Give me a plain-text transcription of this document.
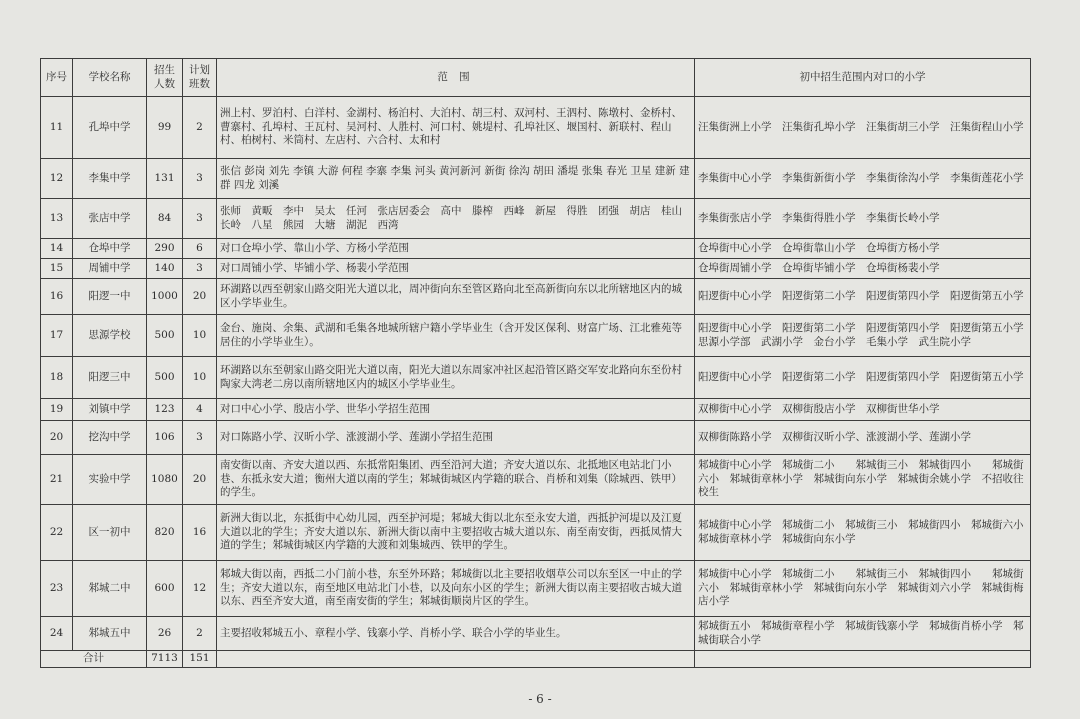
序号	学校名称	招生人数	计划班数	范 围	初中招生范围内对口的小学
11	孔埠中学	99	2	洲上村、罗泊村、白洋村、金湖村、杨泊村、大泊村、胡三村、双河村、王泗村、陈墩村、金桥村、曹寨村、孔埠村、王瓦村、吴河村、人胜村、河口村、姚堤村、孔埠社区、堰国村、新联村、程山村、柏树村、米筒村、左店村、六合村、太和村	汪集街洲上小学　汪集街孔埠小学　汪集街胡三小学　汪集街程山小学
12	李集中学	131	3	张信 彭岗 刘先 李镇 大游 何程 李寨 李集 河头 黄河新河 新街 徐沟 胡田 潘堤 张集 春光 卫星 建新 建群 四龙 刘溪	李集街中心小学　李集街新街小学　李集街徐沟小学　李集街莲花小学
13	张店中学	84	3	张师　黄畈　李中　吴太　任河　张店居委会　高中　滕榨　西峰　新屋　得胜　团强　胡店　桂山　长岭　八星　熊园　大塘　湖泥　西湾	李集街张店小学　李集街得胜小学　李集街长岭小学
14	仓埠中学	290	6	对口仓埠小学、靠山小学、方杨小学范围	仓埠街中心小学　仓埠街靠山小学　仓埠街方杨小学
15	周铺中学	140	3	对口周铺小学、毕铺小学、杨裴小学范围	仓埠街周铺小学　仓埠街毕铺小学　仓埠街杨裴小学
16	阳逻一中	1000	20	环湖路以西至朝家山路交阳光大道以北，周冲街向东至管区路向北至高新街向东以北所辖地区内的城区小学毕业生。	阳逻街中心小学　阳逻街第二小学　阳逻街第四小学　阳逻街第五小学
17	思源学校	500	10	金台、施岗、余集、武湖和毛集各地城所辖户籍小学毕业生（含开发区保利、财富广场、江北雅苑等居住的小学毕业生）。	阳逻街中心小学　阳逻街第二小学　阳逻街第四小学　阳逻街第五小学　思源小学部　武湖小学　金台小学　毛集小学　武生院小学
18	阳逻三中	500	10	环湖路以东至朝家山路交阳光大道以南，阳光大道以东周家冲社区起沿管区路交军安北路向东至份村陶家大湾老二房以南所辖地区内的城区小学毕业生。	阳逻街中心小学　阳逻街第二小学　阳逻街第四小学　阳逻街第五小学
19	刘镇中学	123	4	对口中心小学、殷店小学、世华小学招生范围	双柳街中心小学　双柳街殷店小学　双柳街世华小学
20	挖沟中学	106	3	对口陈路小学、汉昕小学、涨渡湖小学、莲湖小学招生范围	双柳街陈路小学　双柳街汉昕小学、涨渡湖小学、莲湖小学
21	实验中学	1080	20	南安街以南、齐安大道以西、东抵常阳集团、西至沿河大道；齐安大道以东、北抵地区电站北门小巷、东抵永安大道；衡州大道以南的学生；邾城街城区内学籍的联合、肖桥和刘集（除城西、铁甲）的学生。	邾城街中心小学　邾城街二小　　邾城街三小　邾城街四小　　邾城街六小　邾城街章林小学　邾城街向东小学　邾城街余姚小学　不招收往校生
22	区一初中	820	16	新洲大街以北，东抵街中心幼儿园，西至护河堤；邾城大街以北东至永安大道，西抵护河堤以及江夏大道以北的学生；齐安大道以东、新洲大街以南中主要招收古城大道以东、南至南安街，西抵凤情大道的学生；邾城街城区内学籍的大渡和刘集城西、铁甲的学生。	邾城街中心小学　邾城街二小　邾城街三小　邾城街四小　邾城街六小　邾城街章林小学　邾城街向东小学
23	邾城二中	600	12	邾城大街以南，西抵二小门前小巷，东至外环路；邾城街以北主要招收烟草公司以东至区一中止的学生；齐安大道以东，南至地区电站北门小巷，以及向东小区的学生；新洲大街以南主要招收古城大道以东、西至齐安大道，南至南安街的学生；邾城街顺岗片区的学生。	邾城街中心小学　邾城街二小　　邾城街三小　邾城街四小　　邾城街六小　邾城街章林小学　邾城街向东小学　邾城街刘六小学　邾城街梅店小学
24	邾城五中	26	2	主要招收邾城五小、章程小学、钱寨小学、肖桥小学、联合小学的毕业生。	邾城街五小　邾城街章程小学　邾城街钱寨小学　邾城街肖桥小学　邾城街联合小学
合计		7113	151		
- 6 -
